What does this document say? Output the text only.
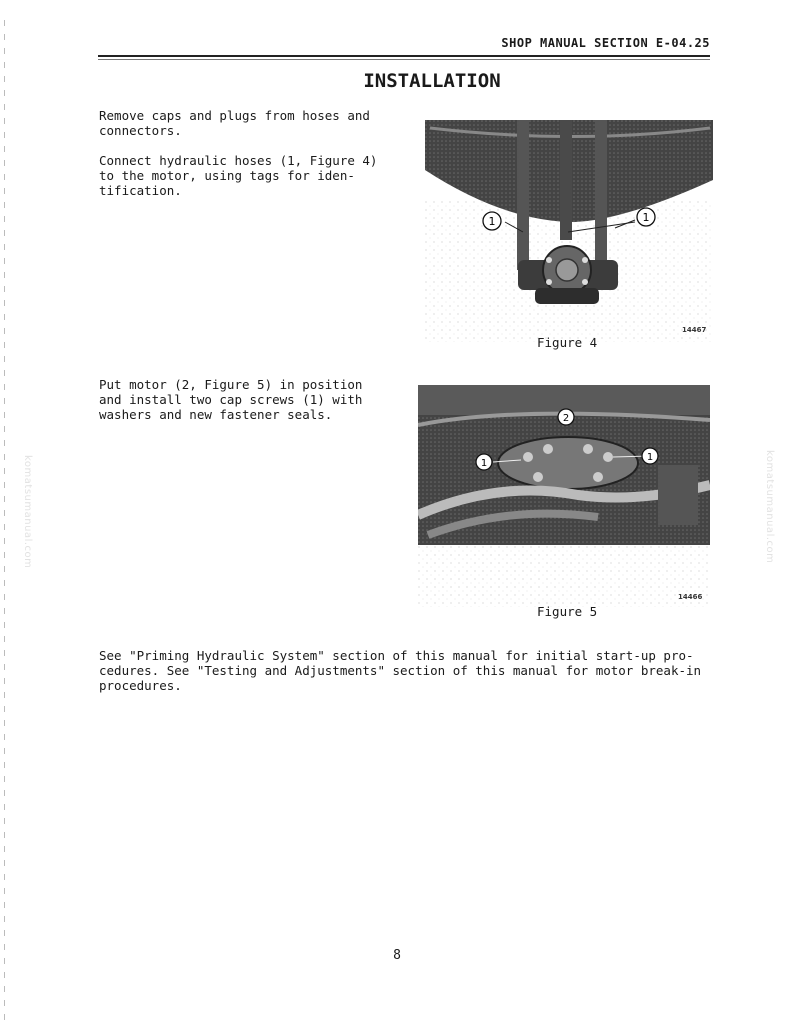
SHOP MANUAL SECTION E-04.25
INSTALLATION
Remove caps and plugs from hoses and
connectors.
Connect hydraulic hoses (1, Figure 4)
to the motor, using tags for iden-
tification.
1	1
14467
Figure 4
Put motor (2, Figure 5) in position
and install two cap screws (1) with
washers and new fastener seals.
1
2
1
14466
Figure 5
See "Priming Hydraulic System" section of this manual for initial start-up pro-
cedures. See "Testing and Adjustments" section of this manual for motor break-in
procedures.
komatsumanual.com	komatsumanual.com
8
